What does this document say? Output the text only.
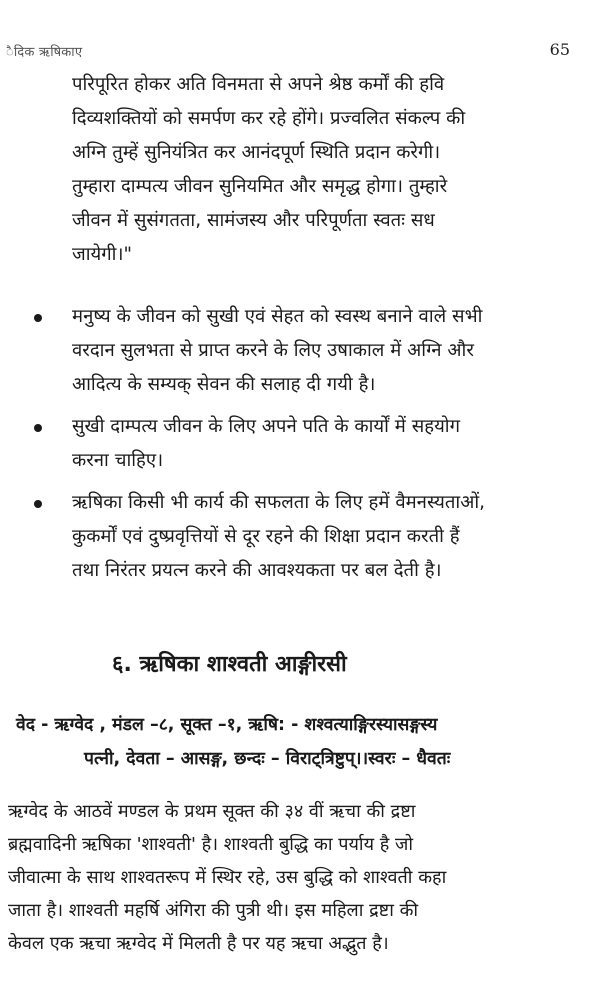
ैदिक ऋषिकाए	65
परिपूरित होकर अति विनमता से अपने श्रेष्ठ कर्मों की हवि
दिव्यशक्तियों को समर्पण कर रहे होंगे। प्रज्वलित संकल्प की
अग्नि तुम्हें सुनियंत्रित कर आनंदपूर्ण स्थिति प्रदान करेगी।
तुम्हारा दाम्पत्य जीवन सुनियमित और समृद्ध होगा। तुम्हारे
जीवन में सुसंगतता, सामंजस्य और परिपूर्णता स्वतः सध
जायेगी।"
मनुष्य के जीवन को सुखी एवं सेहत को स्वस्थ बनाने वाले सभी
वरदान सुलभता से प्राप्त करने के लिए उषाकाल में अग्नि और
आदित्य के सम्यक् सेवन की सलाह दी गयी है।
सुखी दाम्पत्य जीवन के लिए अपने पति के कार्यों में सहयोग
करना चाहिए।
ऋषिका किसी भी कार्य की सफलता के लिए हमें वैमनस्यताओं,
कुकर्मों एवं दुष्प्रवृत्तियों से दूर रहने की शिक्षा प्रदान करती हैं
तथा निरंतर प्रयत्न करने की आवश्यकता पर बल देती है।
६. ऋषिका शाश्वती आङ्गीरसी
वेद - ऋग्वेद , मंडल –८, सूक्त –१, ऋषि: - शश्वत्याङ्गिरस्यासङ्गस्य
पत्नी, देवता – आसङ्ग, छन्दः – विराट्त्रिष्टुप्।।स्वरः – धैवतः
ऋग्वेद के आठवें मण्डल के प्रथम सूक्त की ३४ वीं ऋचा की द्रष्टा
ब्रह्मवादिनी ऋषिका 'शाश्वती' है। शाश्वती बुद्धि का पर्याय है जो
जीवात्मा के साथ शाश्वतरूप में स्थिर रहे, उस बुद्धि को शाश्वती कहा
जाता है। शाश्वती महर्षि अंगिरा की पुत्री थी। इस महिला द्रष्टा की
केवल एक ऋचा ऋग्वेद में मिलती है पर यह ऋचा अद्भुत है।
